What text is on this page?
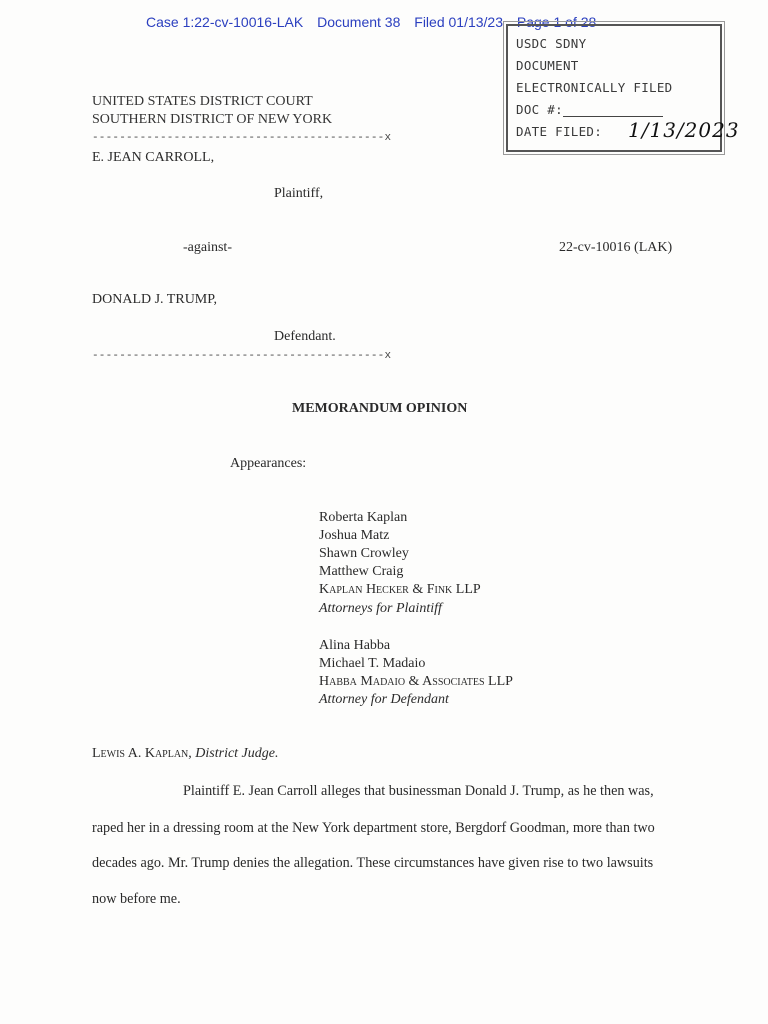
Case 1:22-cv-10016-LAK Document 38 Filed 01/13/23 Page 1 of 28
USDC SDNY
DOCUMENT
ELECTRONICALLY FILED
DOC #:
DATE FILED: 1/13/2023
UNITED STATES DISTRICT COURT
SOUTHERN DISTRICT OF NEW YORK
-------------------------------------------x
E. JEAN CARROLL,
Plaintiff,
-against-	22-cv-10016 (LAK)
DONALD J. TRUMP,
Defendant.
-------------------------------------------x
MEMORANDUM OPINION
Appearances:
Roberta Kaplan
Joshua Matz
Shawn Crowley
Matthew Craig
Kaplan Hecker & Fink LLP
Attorneys for Plaintiff
Alina Habba
Michael T. Madaio
Habba Madaio & Associates LLP
Attorney for Defendant
Lewis A. Kaplan, District Judge.
Plaintiff E. Jean Carroll alleges that businessman Donald J. Trump, as he then was,
raped her in a dressing room at the New York department store, Bergdorf Goodman, more than two
decades ago. Mr. Trump denies the allegation. These circumstances have given rise to two lawsuits
now before me.
